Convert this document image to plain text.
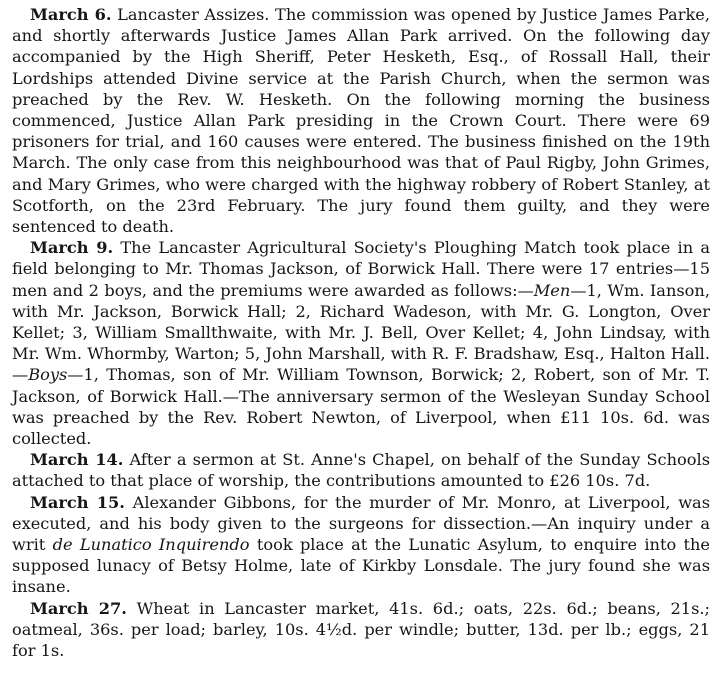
March 6. Lancaster Assizes. The commission was opened by Justice James Parke, and shortly afterwards Justice James Allan Park arrived. On the following day accompanied by the High Sheriff, Peter Hesketh, Esq., of Rossall Hall, their Lordships attended Divine service at the Parish Church, when the sermon was preached by the Rev. W. Hesketh. On the following morning the business commenced, Justice Allan Park presiding in the Crown Court. There were 69 prisoners for trial, and 160 causes were entered. The business finished on the 19th March. The only case from this neighbourhood was that of Paul Rigby, John Grimes, and Mary Grimes, who were charged with the highway robbery of Robert Stanley, at Scotforth, on the 23rd February. The jury found them guilty, and they were sentenced to death.

March 9. The Lancaster Agricultural Society's Ploughing Match took place in a field belonging to Mr. Thomas Jackson, of Borwick Hall. There were 17 entries—15 men and 2 boys, and the premiums were awarded as follows:—Men—1, Wm. Ianson, with Mr. Jackson, Borwick Hall; 2, Richard Wadeson, with Mr. G. Longton, Over Kellet; 3, William Smallthwaite, with Mr. J. Bell, Over Kellet; 4, John Lindsay, with Mr. Wm. Whormby, Warton; 5, John Marshall, with R. F. Bradshaw, Esq., Halton Hall.—Boys—1, Thomas, son of Mr. William Townson, Borwick; 2, Robert, son of Mr. T. Jackson, of Borwick Hall.—The anniversary sermon of the Wesleyan Sunday School was preached by the Rev. Robert Newton, of Liverpool, when £11 10s. 6d. was collected.

March 14. After a sermon at St. Anne's Chapel, on behalf of the Sunday Schools attached to that place of worship, the contributions amounted to £26 10s. 7d.

March 15. Alexander Gibbons, for the murder of Mr. Monro, at Liverpool, was executed, and his body given to the surgeons for dissection.—An inquiry under a writ de Lunatico Inquirendo took place at the Lunatic Asylum, to enquire into the supposed lunacy of Betsy Holme, late of Kirkby Lonsdale. The jury found she was insane.

March 27. Wheat in Lancaster market, 41s. 6d.; oats, 22s. 6d.; beans, 21s.; oatmeal, 36s. per load; barley, 10s. 4½d. per windle; butter, 13d. per lb.; eggs, 21 for 1s.
